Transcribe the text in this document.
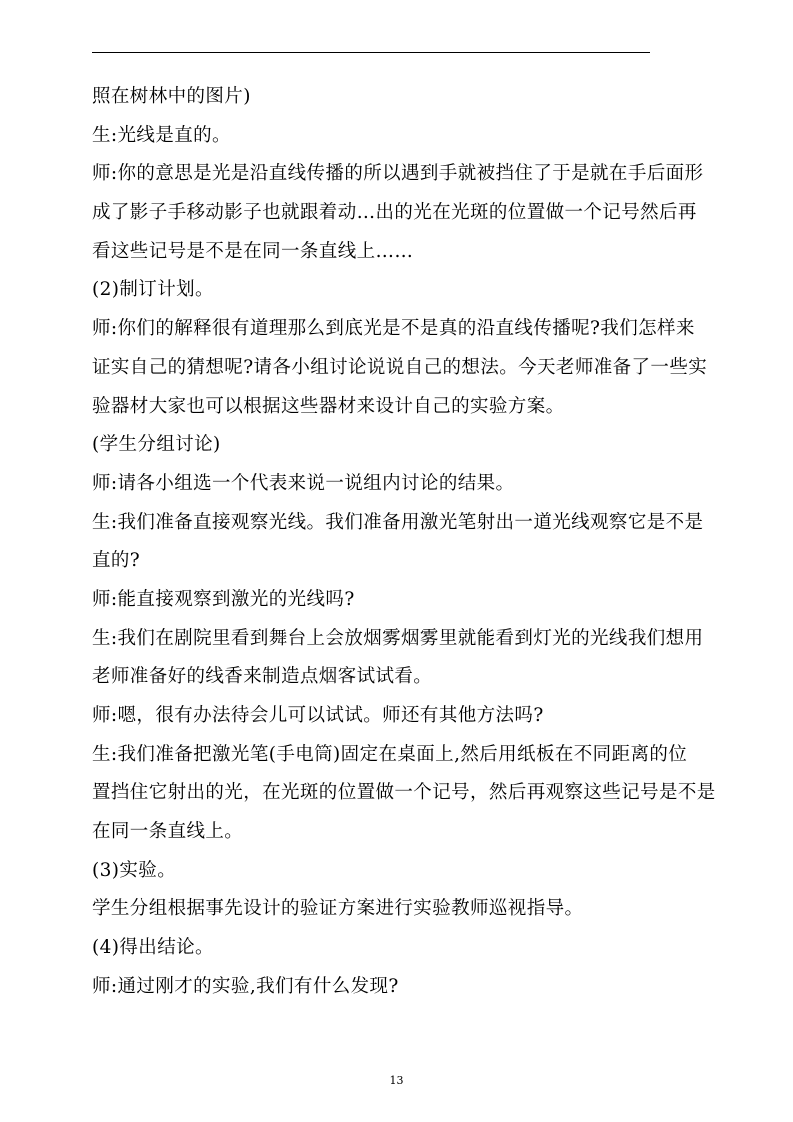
照在树林中的图片)
生:光线是直的。
师:你的意思是光是沿直线传播的所以遇到手就被挡住了于是就在手后面形
成了影子手移动影子也就跟着动…出的光在光斑的位置做一个记号然后再
看这些记号是不是在同一条直线上……
(2)制订计划。
师:你们的解释很有道理那么到底光是不是真的沿直线传播呢?我们怎样来
证实自己的猜想呢?请各小组讨论说说自己的想法。今天老师准备了一些实
验器材大家也可以根据这些器材来设计自己的实验方案。
(学生分组讨论)
师:请各小组选一个代表来说一说组内讨论的结果。
生:我们准备直接观察光线。我们准备用激光笔射出一道光线观察它是不是
直的?
师:能直接观察到激光的光线吗?
生:我们在剧院里看到舞台上会放烟雾烟雾里就能看到灯光的光线我们想用
老师准备好的线香来制造点烟客试试看。
师:嗯，很有办法待会儿可以试试。师还有其他方法吗?
生:我们准备把激光笔(手电筒)固定在桌面上,然后用纸板在不同距离的位
置挡住它射出的光，在光斑的位置做一个记号，然后再观察这些记号是不是
在同一条直线上。
(3)实验。
学生分组根据事先设计的验证方案进行实验教师巡视指导。
(4)得出结论。
师:通过刚才的实验,我们有什么发现?
13
